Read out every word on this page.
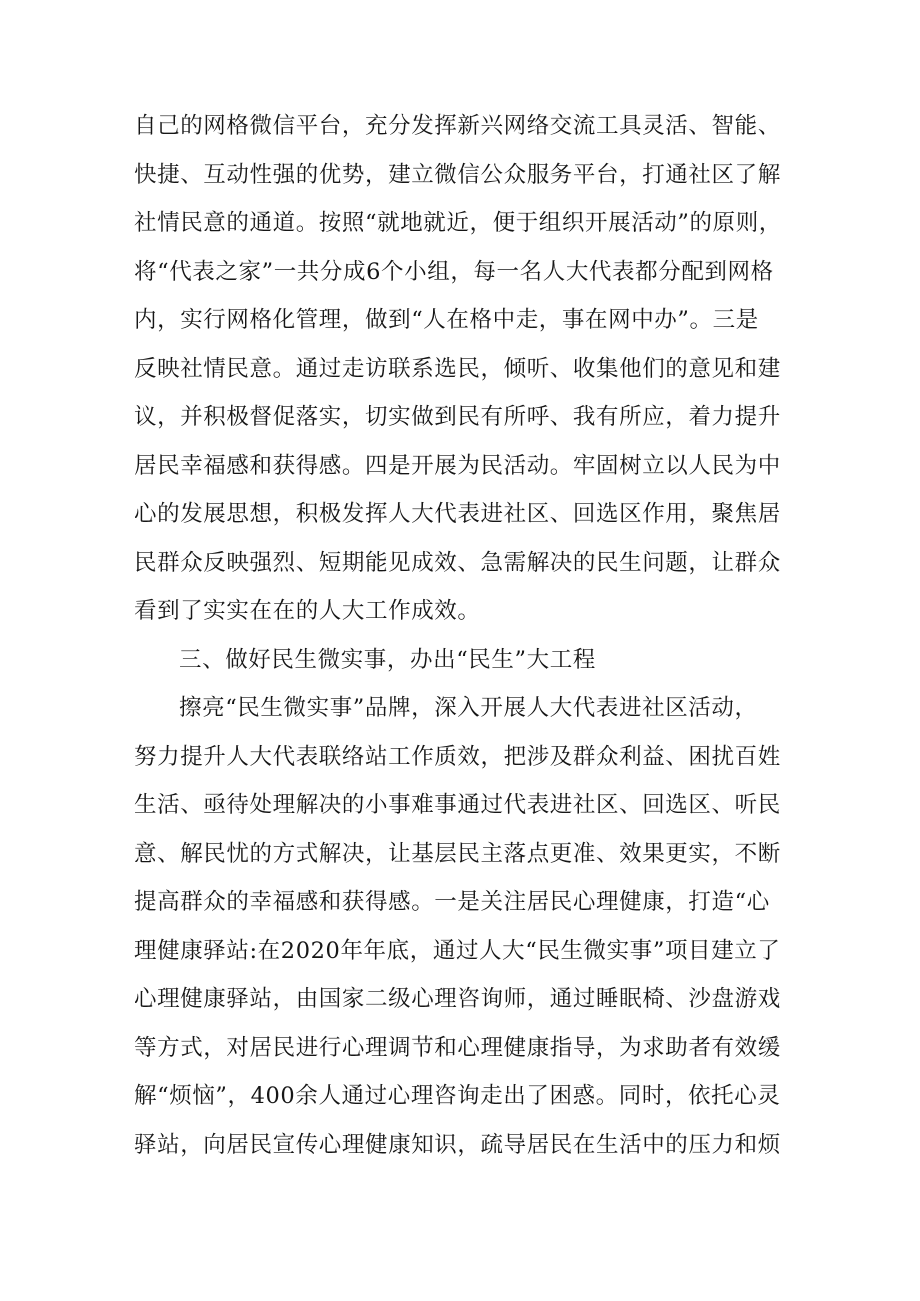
自己的网格微信平台，充分发挥新兴网络交流工具灵活、智能、
快捷、互动性强的优势，建立微信公众服务平台，打通社区了解
社情民意的通道。按照“就地就近，便于组织开展活动”的原则，
将“代表之家”一共分成6个小组，每一名人大代表都分配到网格
内，实行网格化管理，做到“人在格中走，事在网中办”。三是
反映社情民意。通过走访联系选民，倾听、收集他们的意见和建
议，并积极督促落实，切实做到民有所呼、我有所应，着力提升
居民幸福感和获得感。四是开展为民活动。牢固树立以人民为中
心的发展思想，积极发挥人大代表进社区、回选区作用，聚焦居
民群众反映强烈、短期能见成效、急需解决的民生问题，让群众
看到了实实在在的人大工作成效。
三、做好民生微实事，办出“民生”大工程
擦亮“民生微实事”品牌，深入开展人大代表进社区活动，
努力提升人大代表联络站工作质效，把涉及群众利益、困扰百姓
生活、亟待处理解决的小事难事通过代表进社区、回选区、听民
意、解民忧的方式解决，让基层民主落点更准、效果更实，不断
提高群众的幸福感和获得感。一是关注居民心理健康，打造“心
理健康驿站:在2020年年底，通过人大“民生微实事”项目建立了
心理健康驿站，由国家二级心理咨询师，通过睡眠椅、沙盘游戏
等方式，对居民进行心理调节和心理健康指导，为求助者有效缓
解“烦恼”，400余人通过心理咨询走出了困惑。同时，依托心灵
驿站，向居民宣传心理健康知识，疏导居民在生活中的压力和烦
